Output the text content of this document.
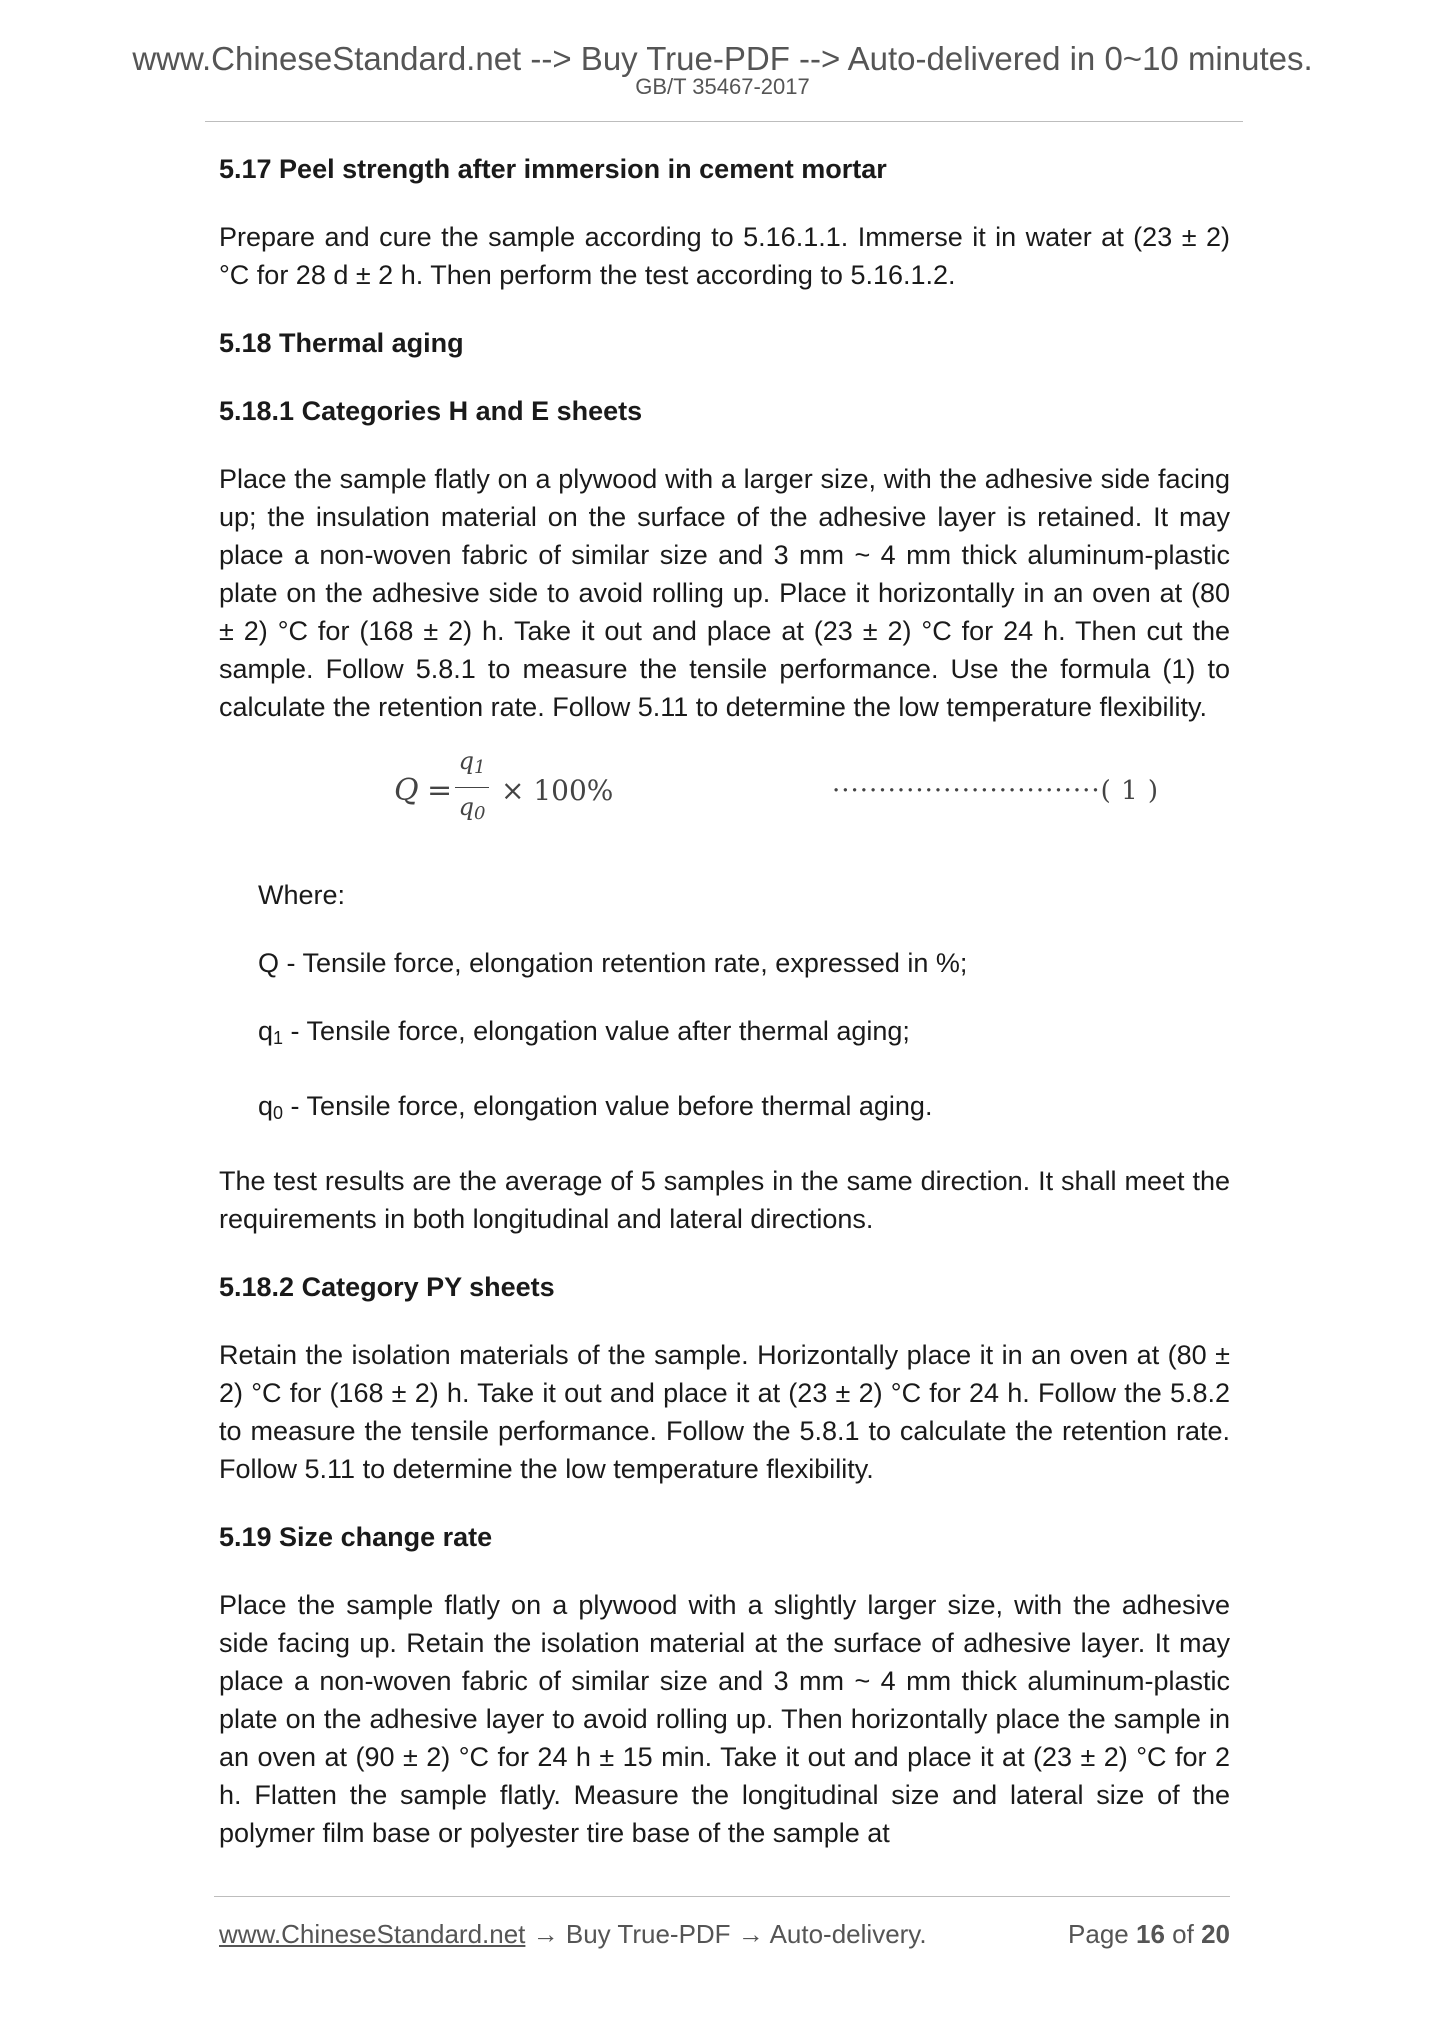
www.ChineseStandard.net --> Buy True-PDF --> Auto-delivered in 0~10 minutes.
GB/T 35467-2017

5.17 Peel strength after immersion in cement mortar

Prepare and cure the sample according to 5.16.1.1. Immerse it in water at (23 ± 2) °C for 28 d ± 2 h. Then perform the test according to 5.16.1.2.

5.18 Thermal aging

5.18.1 Categories H and E sheets

Place the sample flatly on a plywood with a larger size, with the adhesive side facing up; the insulation material on the surface of the adhesive layer is retained. It may place a non-woven fabric of similar size and 3 mm ~ 4 mm thick aluminum-plastic plate on the adhesive side to avoid rolling up. Place it horizontally in an oven at (80 ± 2) °C for (168 ± 2) h. Take it out and place at (23 ± 2) °C for 24 h. Then cut the sample. Follow 5.8.1 to measure the tensile performance. Use the formula (1) to calculate the retention rate. Follow 5.11 to determine the low temperature flexibility.

Q =
$q_1$
$q_0$
× 100%	·····························( 1 )

Where:

Q - Tensile force, elongation retention rate, expressed in %;

$q_1$ - Tensile force, elongation value after thermal aging;

$q_0$ - Tensile force, elongation value before thermal aging.

The test results are the average of 5 samples in the same direction. It shall meet the requirements in both longitudinal and lateral directions.

5.18.2 Category PY sheets

Retain the isolation materials of the sample. Horizontally place it in an oven at (80 ± 2) °C for (168 ± 2) h. Take it out and place it at (23 ± 2) °C for 24 h. Follow the 5.8.2 to measure the tensile performance. Follow the 5.8.1 to calculate the retention rate. Follow 5.11 to determine the low temperature flexibility.

5.19 Size change rate

Place the sample flatly on a plywood with a slightly larger size, with the adhesive side facing up. Retain the isolation material at the surface of adhesive layer. It may place a non-woven fabric of similar size and 3 mm ~ 4 mm thick aluminum-plastic plate on the adhesive layer to avoid rolling up. Then horizontally place the sample in an oven at (90 ± 2) °C for 24 h ± 15 min. Take it out and place it at (23 ± 2) °C for 2 h. Flatten the sample flatly. Measure the longitudinal size and lateral size of the polymer film base or polyester tire base of the sample at

www.ChineseStandard.net → Buy True-PDF → Auto-delivery.	Page 16 of 20
